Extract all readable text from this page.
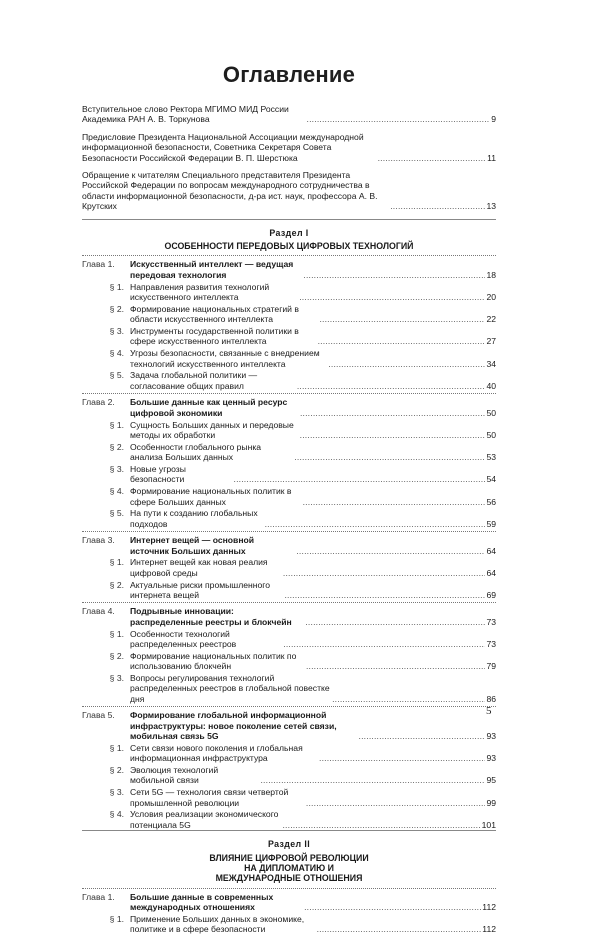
Оглавление
Вступительное слово Ректора МГИМО МИД России Академика РАН А. В. Торкунова . . .	9
Предисловие Президента Национальной Ассоциации международной информационной безопасности, Советника Секретаря Совета Безопасности Российской Федерации В. П. Шерстюка . . .	11
Обращение к читателям Специального представителя Президента Российской Федерации по вопросам международного сотрудничества в области информационной безопасности, д-ра ист. наук, профессора А. В. Крутских . . .	13
Раздел I
ОСОБЕННОСТИ ПЕРЕДОВЫХ ЦИФРОВЫХ ТЕХНОЛОГИЙ
Глава 1.	Искусственный интеллект — ведущая передовая технология . . .	18
§ 1. Направления развития технологий искусственного интеллекта . . .	20
§ 2. Формирование национальных стратегий в области искусственного интеллекта . . .	22
§ 3. Инструменты государственной политики в сфере искусственного интеллекта . . .	27
§ 4. Угрозы безопасности, связанные с внедрением технологий искусственного интеллекта . . .	34
§ 5. Задача глобальной политики — согласование общих правил . . .	40
Глава 2.	Большие данные как ценный ресурс цифровой экономики . . .	50
§ 1. Сущность Больших данных и передовые методы их обработки . . .	50
§ 2. Особенности глобального рынка анализа Больших данных . . .	53
§ 3. Новые угрозы безопасности . . .	54
§ 4. Формирование национальных политик в сфере Больших данных . . .	56
§ 5. На пути к созданию глобальных подходов . . .	59
Глава 3.	Интернет вещей — основной источник Больших данных . . .	64
§ 1. Интернет вещей как новая реалия цифровой среды . . .	64
§ 2. Актуальные риски промышленного интернета вещей . . .	69
Глава 4.	Подрывные инновации: распределенные реестры и блокчейн . . .	73
§ 1. Особенности технологий распределенных реестров . . .	73
§ 2. Формирование национальных политик по использованию блокчейн . . .	79
§ 3. Вопросы регулирования технологий распределенных реестров в глобальной повестке дня . . .	86
Глава 5.	Формирование глобальной информационной инфраструктуры: новое поколение сетей связи, мобильная связь 5G . . .	93
§ 1. Сети связи нового поколения и глобальная информационная инфраструктура . . .	93
§ 2. Эволюция технологий мобильной связи . . .	95
§ 3. Сети 5G — технология связи четвертой промышленной революции . . .	99
§ 4. Условия реализации экономического потенциала 5G . . .	101
Раздел II
ВЛИЯНИЕ ЦИФРОВОЙ РЕВОЛЮЦИИ НА ДИПЛОМАТИЮ И МЕЖДУНАРОДНЫЕ ОТНОШЕНИЯ
Глава 1.	Большие данные в современных международных отношениях . . .	112
§ 1. Применение Больших данных в экономике, политике и в сфере безопасности . . .	112
5
